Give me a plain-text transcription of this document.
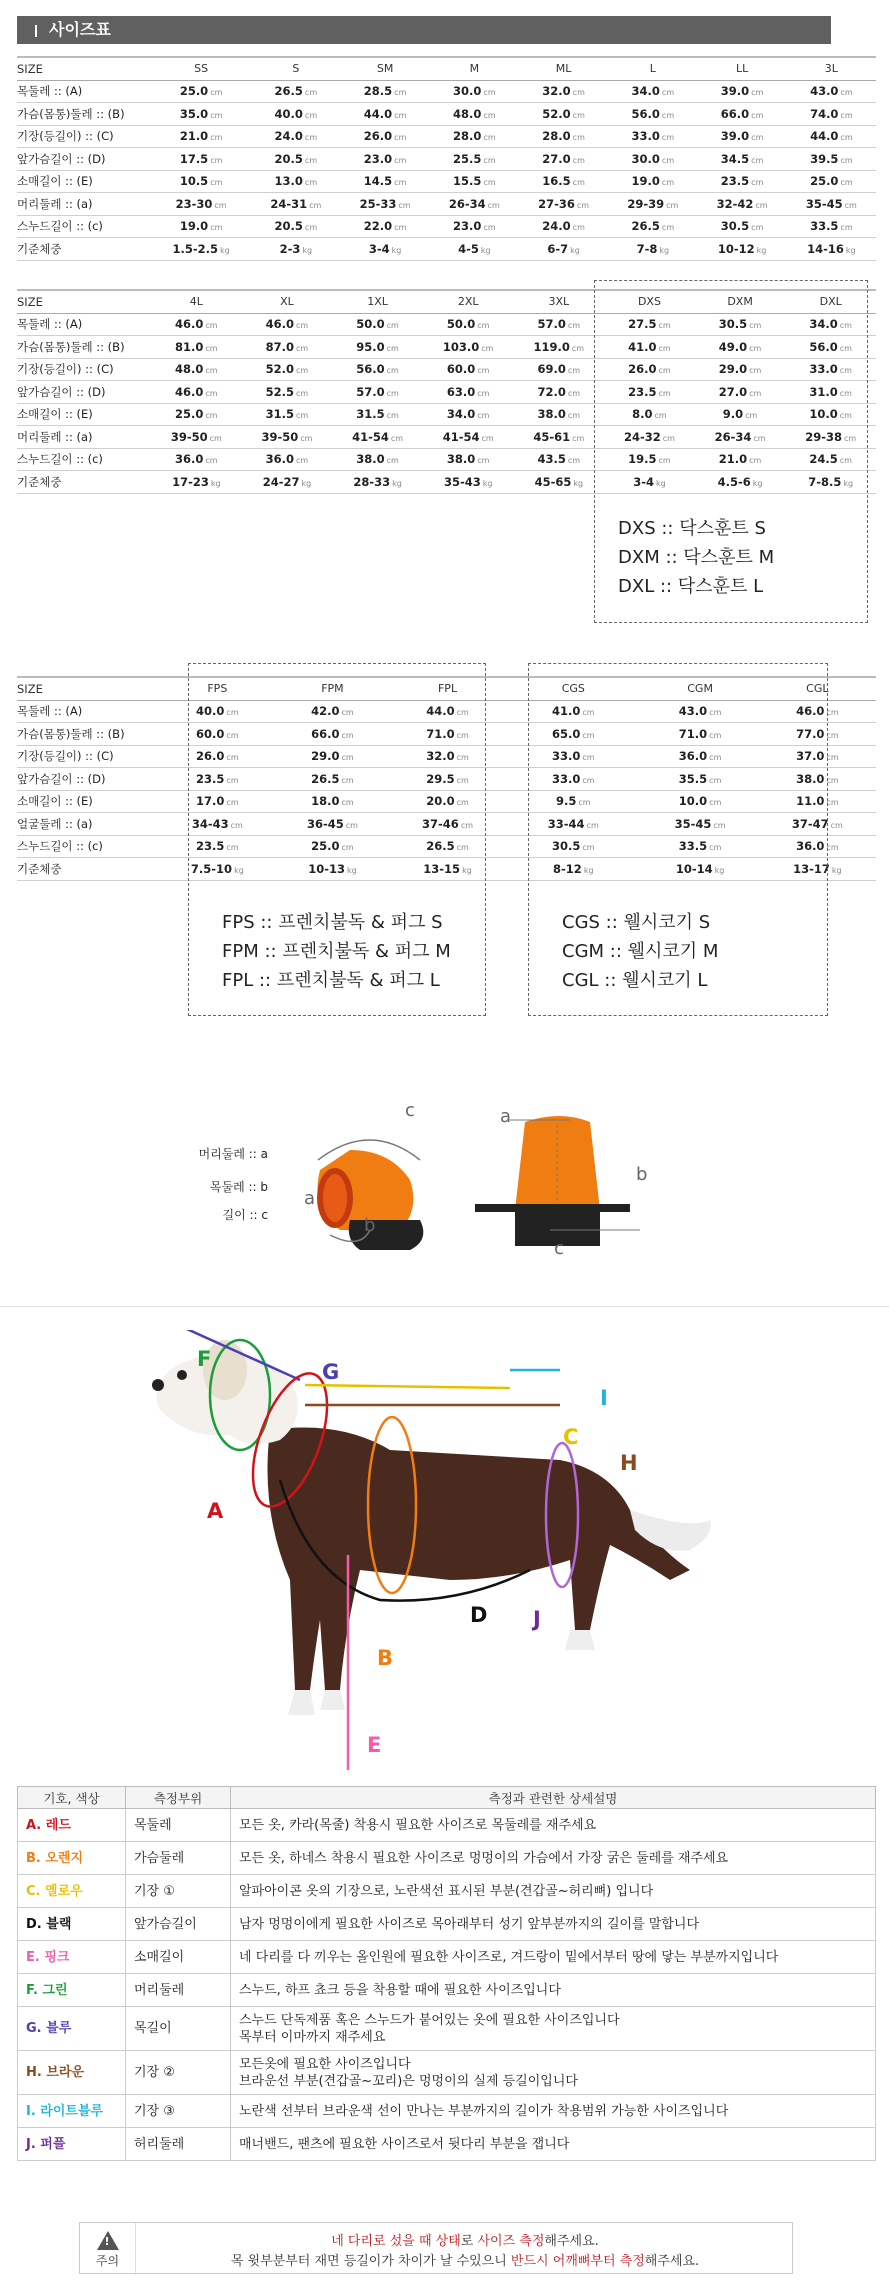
사이즈표
SIZE	SS	S	SM	M	ML	L	LL	3L
목둘레 :: (A)	25.0 cm	26.5 cm	28.5 cm	30.0 cm	32.0 cm	34.0 cm	39.0 cm	43.0 cm
가슴(몸통)둘레 :: (B)	35.0 cm	40.0 cm	44.0 cm	48.0 cm	52.0 cm	56.0 cm	66.0 cm	74.0 cm
기장(등길이) :: (C)	21.0 cm	24.0 cm	26.0 cm	28.0 cm	28.0 cm	33.0 cm	39.0 cm	44.0 cm
앞가슴길이 :: (D)	17.5 cm	20.5 cm	23.0 cm	25.5 cm	27.0 cm	30.0 cm	34.5 cm	39.5 cm
소매길이 :: (E)	10.5 cm	13.0 cm	14.5 cm	15.5 cm	16.5 cm	19.0 cm	23.5 cm	25.0 cm
머리둘레 :: (a)	23-30 cm	24-31 cm	25-33 cm	26-34 cm	27-36 cm	29-39 cm	32-42 cm	35-45 cm
스누드길이 :: (c)	19.0 cm	20.5 cm	22.0 cm	23.0 cm	24.0 cm	26.5 cm	30.5 cm	33.5 cm
기준체중	1.5-2.5 kg	2-3 kg	3-4 kg	4-5 kg	6-7 kg	7-8 kg	10-12 kg	14-16 kg
SIZE	4L	XL	1XL	2XL	3XL	DXS	DXM	DXL
목둘레 :: (A)	46.0 cm	46.0 cm	50.0 cm	50.0 cm	57.0 cm	27.5 cm	30.5 cm	34.0 cm
가슴(몸통)둘레 :: (B)	81.0 cm	87.0 cm	95.0 cm	103.0 cm	119.0 cm	41.0 cm	49.0 cm	56.0 cm
기장(등길이) :: (C)	48.0 cm	52.0 cm	56.0 cm	60.0 cm	69.0 cm	26.0 cm	29.0 cm	33.0 cm
앞가슴길이 :: (D)	46.0 cm	52.5 cm	57.0 cm	63.0 cm	72.0 cm	23.5 cm	27.0 cm	31.0 cm
소매길이 :: (E)	25.0 cm	31.5 cm	31.5 cm	34.0 cm	38.0 cm	8.0 cm	9.0 cm	10.0 cm
머리둘레 :: (a)	39-50 cm	39-50 cm	41-54 cm	41-54 cm	45-61 cm	24-32 cm	26-34 cm	29-38 cm
스누드길이 :: (c)	36.0 cm	36.0 cm	38.0 cm	38.0 cm	43.5 cm	19.5 cm	21.0 cm	24.5 cm
기준체중	17-23 kg	24-27 kg	28-33 kg	35-43 kg	45-65 kg	3-4 kg	4.5-6 kg	7-8.5 kg
DXS :: 닥스훈트 S
DXM :: 닥스훈트 M
DXL :: 닥스훈트 L
SIZE	FPS	FPM	FPL	CGS	CGM	CGL
목둘레 :: (A)	40.0 cm	42.0 cm	44.0 cm	41.0 cm	43.0 cm	46.0 cm
가슴(몸통)둘레 :: (B)	60.0 cm	66.0 cm	71.0 cm	65.0 cm	71.0 cm	77.0 cm
기장(등길이) :: (C)	26.0 cm	29.0 cm	32.0 cm	33.0 cm	36.0 cm	37.0 cm
앞가슴길이 :: (D)	23.5 cm	26.5 cm	29.5 cm	33.0 cm	35.5 cm	38.0 cm
소매길이 :: (E)	17.0 cm	18.0 cm	20.0 cm	9.5 cm	10.0 cm	11.0 cm
얼굴둘레 :: (a)	34-43 cm	36-45 cm	37-46 cm	33-44 cm	35-45 cm	37-47 cm
스누드길이 :: (c)	23.5 cm	25.0 cm	26.5 cm	30.5 cm	33.5 cm	36.0 cm
기준체중	7.5-10 kg	10-13 kg	13-15 kg	8-12 kg	10-14 kg	13-17 kg
FPS :: 프렌치불독 & 퍼그 S
FPM :: 프렌치불독 & 퍼그 M
FPL :: 프렌치불독 & 퍼그 L
CGS :: 웰시코기 S
CGM :: 웰시코기 M
CGL :: 웰시코기 L
머리둘레 :: a
목둘레 :: b
길이 :: c
c
a
b
a
b
c
F
G
I
C
H
A
B
D J
E
기호, 색상	측정부위	측정과 관련한 상세설명
A. 레드	목둘레	모든 옷, 카라(목줄) 착용시 필요한 사이즈로 목둘레를 재주세요

B. 오렌지	가슴둘레	모든 옷, 하네스 착용시 필요한 사이즈로 멍멍이의 가슴에서 가장 굵은 둘레를 재주세요

C. 옐로우	기장 ①	알파아이콘 옷의 기장으로, 노란색선 표시된 부분(견갑골~허리뼈) 입니다

D. 블랙	앞가슴길이	남자 멍멍이에게 필요한 사이즈로 목아래부터 성기 앞부분까지의 길이를 말합니다

E. 핑크	소매길이	네 다리를 다 끼우는 올인원에 필요한 사이즈로, 겨드랑이 밑에서부터 땅에 닿는 부분까지입니다

F. 그린	머리둘레	스누드, 하프 쵸크 등을 착용할 때에 필요한 사이즈입니다

G. 블루	목길이	스누드 단독제품 혹은 스누드가 붙어있는 옷에 필요한 사이즈입니다
목부터 이마까지 재주세요

H. 브라운	기장 ②	모든옷에 필요한 사이즈입니다
브라운선 부분(견갑골~꼬리)은 멍멍이의 실제 등길이입니다

I. 라이트블루	기장 ③	노란색 선부터 브라운색 선이 만나는 부분까지의 길이가 착용범위 가능한 사이즈입니다

J. 퍼플	허리둘레	매너밴드, 팬츠에 필요한 사이즈로서 뒷다리 부분을 잽니다
!
주의
네 다리로 섰을 때 상태로 사이즈 측정해주세요.
목 윗부분부터 재면 등길이가 차이가 날 수있으니 반드시 어깨뼈부터 측정해주세요.
